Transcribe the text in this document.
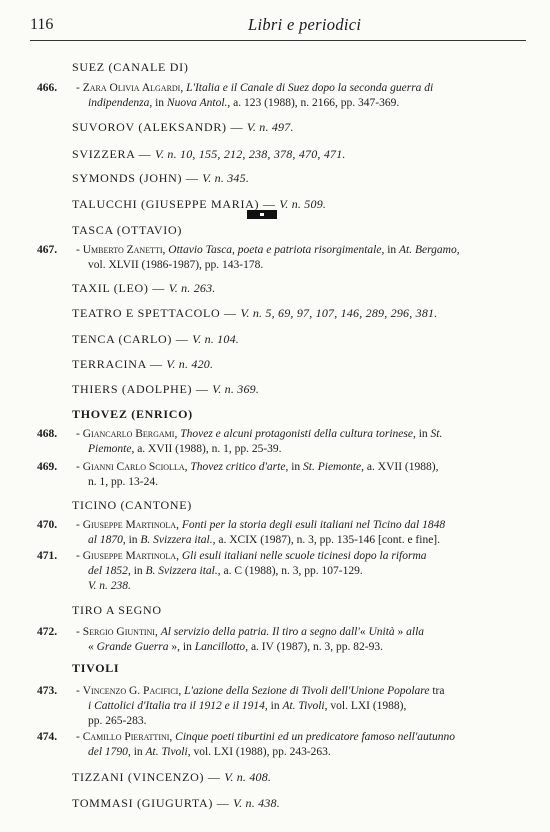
116	Libri e periodici
SUEZ (CANALE DI)
466. - Zara Olivia Algardi, L'Italia e il Canale di Suez dopo la seconda guerra di
indipendenza, in Nuova Antol., a. 123 (1988), n. 2166, pp. 347-369.
SUVOROV (ALEKSANDR) — V. n. 497.
SVIZZERA — V. n. 10, 155, 212, 238, 378, 470, 471.
SYMONDS (JOHN) — V. n. 345.
TALUCCHI (GIUSEPPE MARIA) — V. n. 509.
TASCA (OTTAVIO)
467. - Umberto Zanetti, Ottavio Tasca, poeta e patriota risorgimentale, in At. Bergamo,
vol. XLVII (1986-1987), pp. 143-178.
TAXIL (LEO) — V. n. 263.
TEATRO E SPETTACOLO — V. n. 5, 69, 97, 107, 146, 289, 296, 381.
TENCA (CARLO) — V. n. 104.
TERRACINA — V. n. 420.
THIERS (ADOLPHE) — V. n. 369.
THOVEZ (ENRICO)
468. - Giancarlo Bergami, Thovez e alcuni protagonisti della cultura torinese, in St.
Piemonte, a. XVII (1988), n. 1, pp. 25-39.
469. - Gianni Carlo Sciolla, Thovez critico d'arte, in St. Piemonte, a. XVII (1988),
n. 1, pp. 13-24.
TICINO (CANTONE)
470. - Giuseppe Martinola, Fonti per la storia degli esuli italiani nel Ticino dal 1848
al 1870, in B. Svizzera ital., a. XCIX (1987), n. 3, pp. 135-146 [cont. e fine].
471. - Giuseppe Martinola, Gli esuli italiani nelle scuole ticinesi dopo la riforma
del 1852, in B. Svizzera ital., a. C (1988), n. 3, pp. 107-129.
V. n. 238.
TIRO A SEGNO
472. - Sergio Giuntini, Al servizio della patria. Il tiro a segno dall'« Unità » alla
« Grande Guerra », in Lancillotto, a. IV (1987), n. 3, pp. 82-93.
TIVOLI
473. - Vincenzo G. Pacifici, L'azione della Sezione di Tivoli dell'Unione Popolare tra
i Cattolici d'Italia tra il 1912 e il 1914, in At. Tivoli, vol. LXI (1988),
pp. 265-283.
474. - Camillo Pierattini, Cinque poeti tiburtini ed un predicatore famoso nell'autunno
del 1790, in At. Tivoli, vol. LXI (1988), pp. 243-263.
TIZZANI (VINCENZO) — V. n. 408.
TOMMASI (GIUGURTA) — V. n. 438.
